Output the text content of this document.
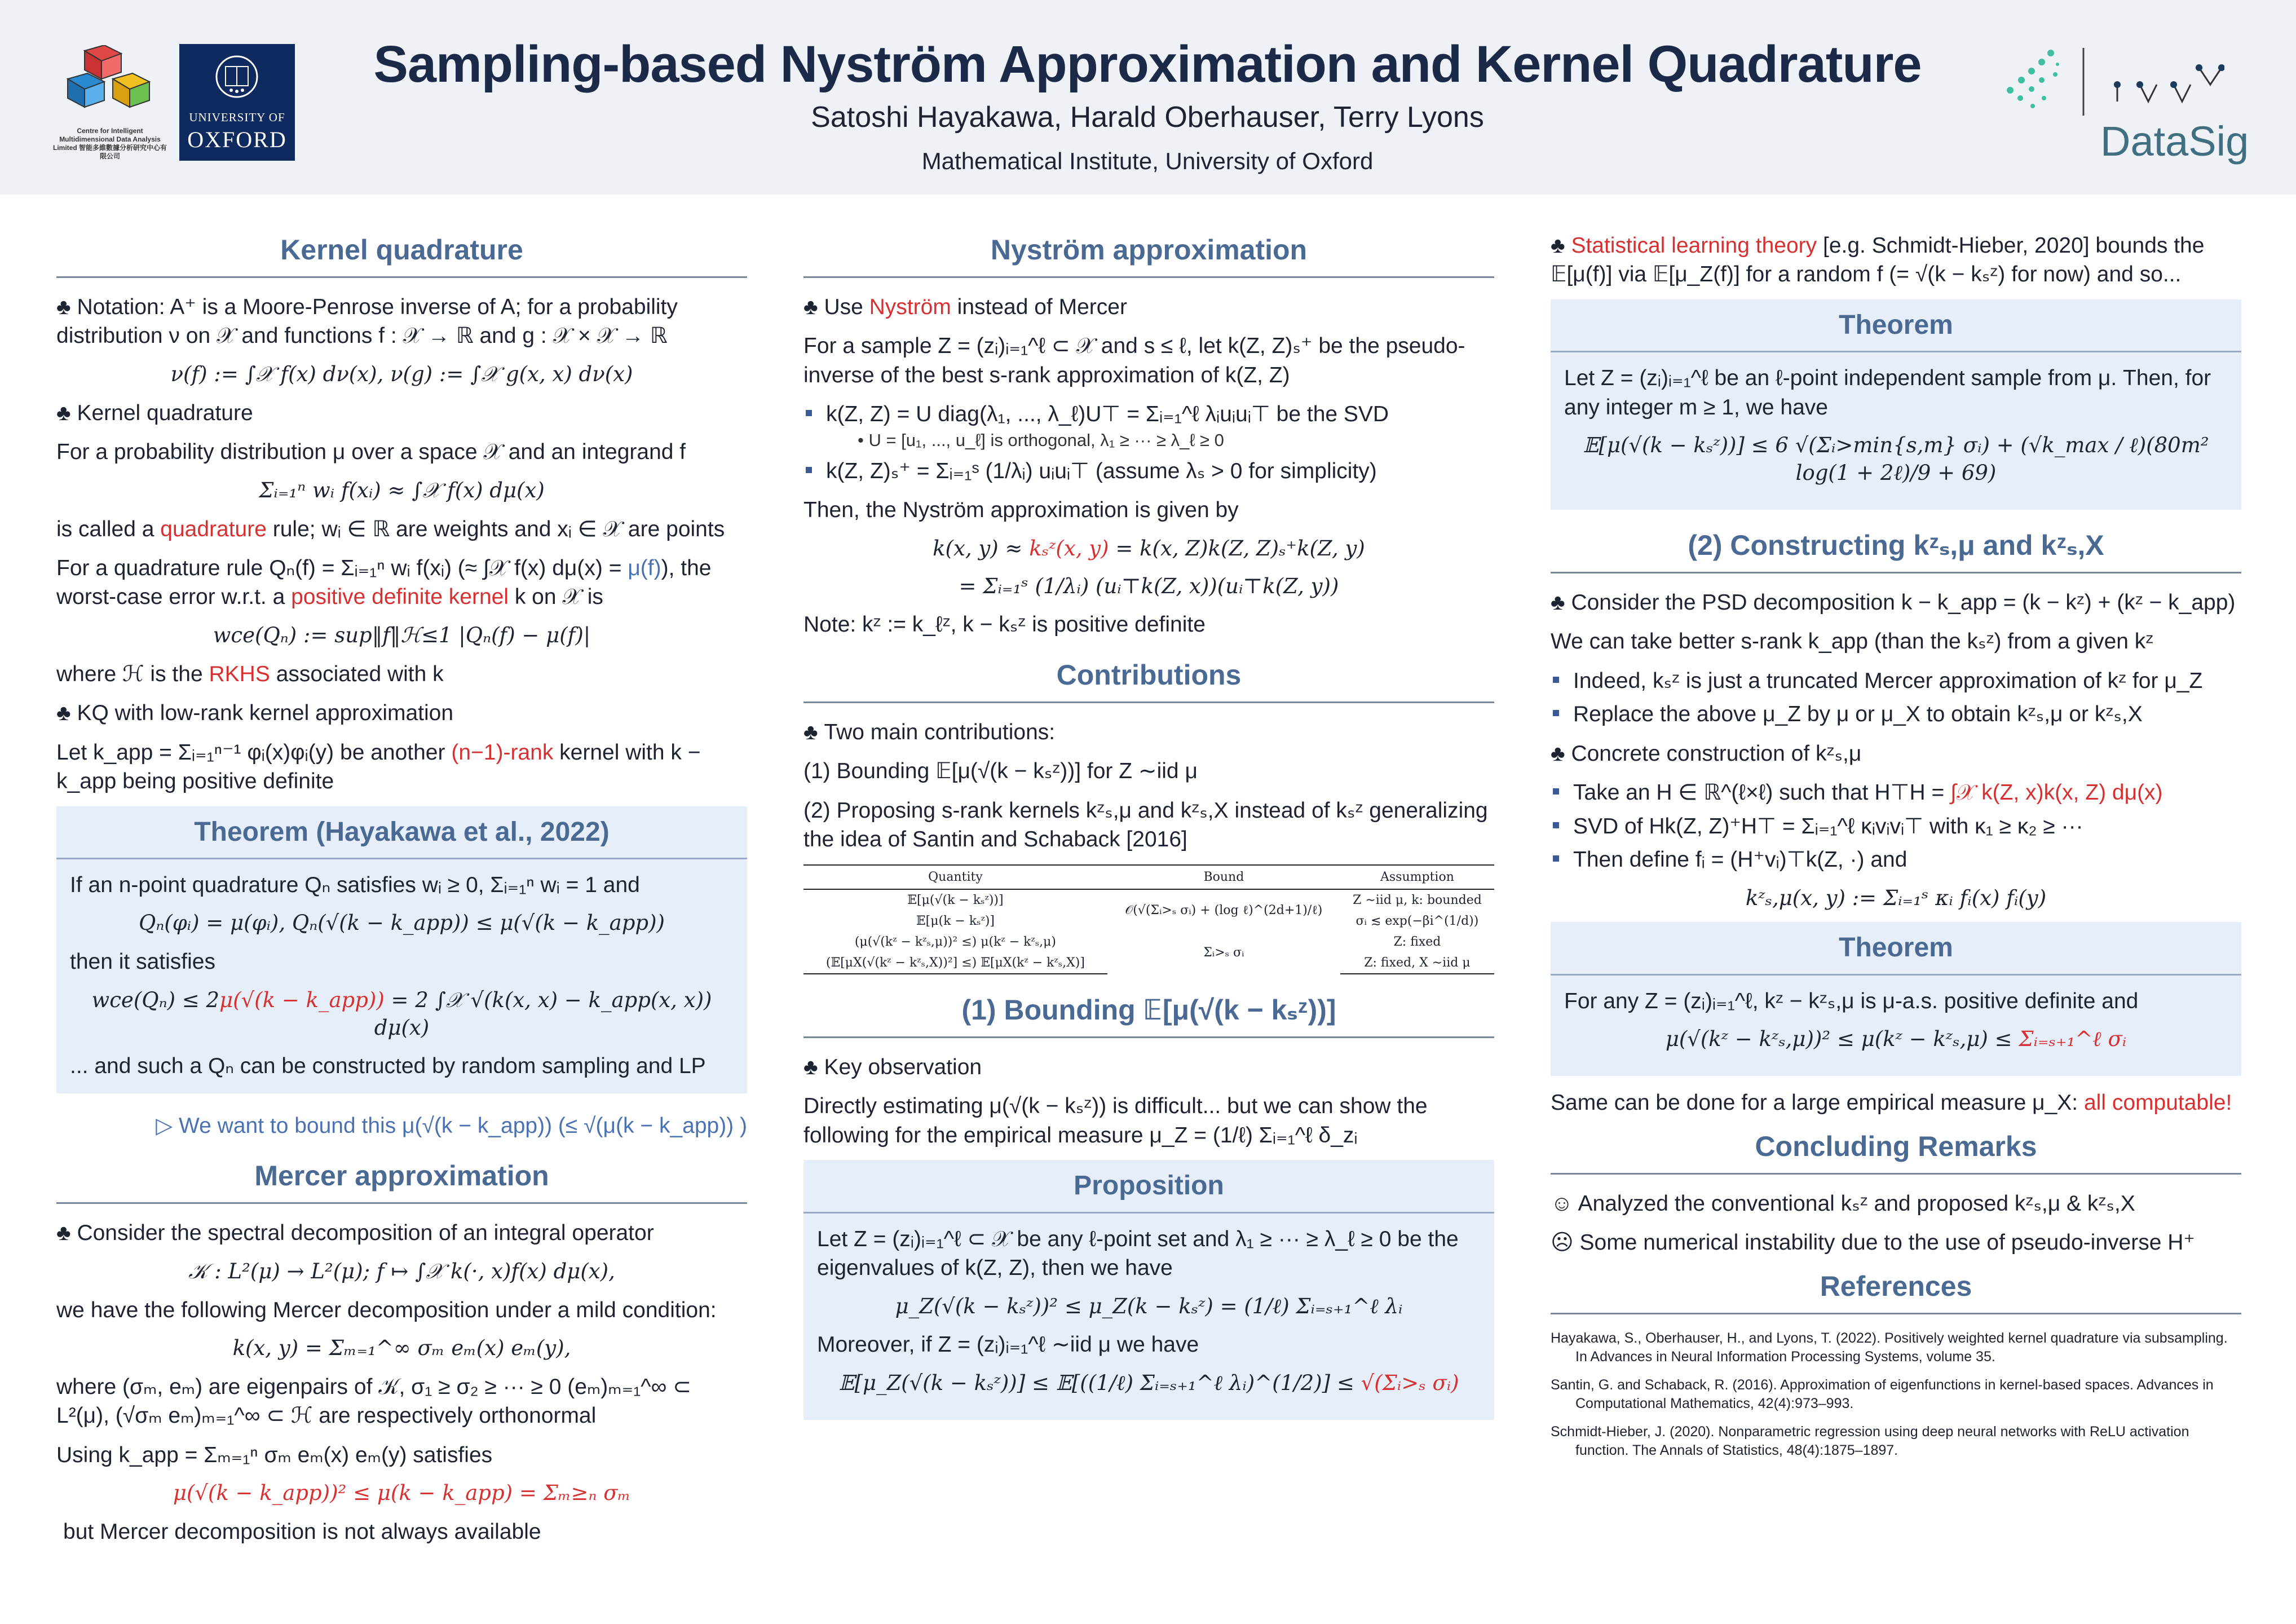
Centre for Intelligent Multidimensional Data Analysis Limited 智能多維數據分析研究中心有限公司
UNIVERSITY OF
OXFORD
Sampling-based Nyström Approximation and Kernel Quadrature
Satoshi Hayakawa, Harald Oberhauser, Terry Lyons
Mathematical Institute, University of Oxford	DataSig
Kernel quadrature
♣ Notation: A⁺ is a Moore-Penrose inverse of A; for a probability distribution ν on 𝒳 and functions f : 𝒳 → ℝ and g : 𝒳 × 𝒳 → ℝ
ν(f) := ∫𝒳 f(x) dν(x), ν(g) := ∫𝒳 g(x, x) dν(x)
♣ Kernel quadrature
For a probability distribution μ over a space 𝒳 and an integrand f
Σᵢ₌₁ⁿ wᵢ f(xᵢ) ≈ ∫𝒳 f(x) dμ(x)
is called a quadrature rule; wᵢ ∈ ℝ are weights and xᵢ ∈ 𝒳 are points
For a quadrature rule Qₙ(f) = Σᵢ₌₁ⁿ wᵢ f(xᵢ) (≈ ∫𝒳 f(x) dμ(x) = μ(f)), the worst-case error w.r.t. a positive definite kernel k on 𝒳 is
wce(Qₙ) := sup‖f‖ℋ≤1 |Qₙ(f) − μ(f)|
where ℋ is the RKHS associated with k
♣ KQ with low-rank kernel approximation
Let k_app = Σᵢ₌₁ⁿ⁻¹ φᵢ(x)φᵢ(y) be another (n−1)-rank kernel with k − k_app being positive definite
Theorem (Hayakawa et al., 2022)
If an n-point quadrature Qₙ satisfies wᵢ ≥ 0, Σᵢ₌₁ⁿ wᵢ = 1 and
Qₙ(φᵢ) = μ(φᵢ), Qₙ(√(k − k_app)) ≤ μ(√(k − k_app))
then it satisfies
wce(Qₙ) ≤ 2μ(√(k − k_app)) = 2 ∫𝒳 √(k(x, x) − k_app(x, x)) dμ(x)
... and such a Qₙ can be constructed by random sampling and LP
▷ We want to bound this μ(√(k − k_app)) (≤ √(μ(k − k_app)) )
Mercer approximation
♣ Consider the spectral decomposition of an integral operator
𝒦 : L²(μ) → L²(μ); f ↦ ∫𝒳 k(·, x)f(x) dμ(x),
we have the following Mercer decomposition under a mild condition:
k(x, y) = Σₘ₌₁^∞ σₘ eₘ(x) eₘ(y),
where (σₘ, eₘ) are eigenpairs of 𝒦, σ₁ ≥ σ₂ ≥ ··· ≥ 0 (eₘ)ₘ₌₁^∞ ⊂ L²(μ), (√σₘ eₘ)ₘ₌₁^∞ ⊂ ℋ are respectively orthonormal
Using k_app = Σₘ₌₁ⁿ σₘ eₘ(x) eₘ(y) satisfies
μ(√(k − k_app))² ≤ μ(k − k_app) = Σₘ≥ₙ σₘ
but Mercer decomposition is not always available
Nyström approximation
♣ Use Nyström instead of Mercer
For a sample Z = (zᵢ)ᵢ₌₁^ℓ ⊂ 𝒳 and s ≤ ℓ, let k(Z, Z)ₛ⁺ be the pseudo-inverse of the best s-rank approximation of k(Z, Z)
k(Z, Z) = U diag(λ₁, ..., λ_ℓ)U⊤ = Σᵢ₌₁^ℓ λᵢuᵢuᵢ⊤ be the SVD
• U = [u₁, ..., u_ℓ] is orthogonal, λ₁ ≥ ··· ≥ λ_ℓ ≥ 0
k(Z, Z)ₛ⁺ = Σᵢ₌₁ˢ (1/λᵢ) uᵢuᵢ⊤ (assume λₛ > 0 for simplicity)
Then, the Nyström approximation is given by
k(x, y) ≈ kₛᶻ(x, y) = k(x, Z)k(Z, Z)ₛ⁺k(Z, y)
= Σᵢ₌₁ˢ (1/λᵢ) (uᵢ⊤k(Z, x))(uᵢ⊤k(Z, y))
Note: kᶻ := k_ℓᶻ, k − kₛᶻ is positive definite
Contributions
♣ Two main contributions:
(1) Bounding 𝔼[μ(√(k − kₛᶻ))] for Z ∼iid μ
(2) Proposing s-rank kernels kᶻₛ,μ and kᶻₛ,X instead of kₛᶻ generalizing the idea of Santin and Schaback [2016]
Quantity	Bound	Assumption
𝔼[μ(√(k − kₛᶻ))]	𝒪(√(Σᵢ>ₛ σᵢ) + (log ℓ)^(2d+1)/ℓ)	Z ∼iid μ, k: bounded
𝔼[μ(k − kₛᶻ)]		σᵢ ≲ exp(−βi^(1/d))
(μ(√(kᶻ − kᶻₛ,μ))² ≤) μ(kᶻ − kᶻₛ,μ)	Σᵢ>ₛ σᵢ	Z: fixed
(𝔼[μX(√(kᶻ − kᶻₛ,X))²] ≤) 𝔼[μX(kᶻ − kᶻₛ,X)]		Z: fixed, X ∼iid μ
(1) Bounding 𝔼[μ(√(k − kₛᶻ))]
♣ Key observation
Directly estimating μ(√(k − kₛᶻ)) is difficult... but we can show the following for the empirical measure μ_Z = (1/ℓ) Σᵢ₌₁^ℓ δ_zᵢ
Proposition
Let Z = (zᵢ)ᵢ₌₁^ℓ ⊂ 𝒳 be any ℓ-point set and λ₁ ≥ ··· ≥ λ_ℓ ≥ 0 be the eigenvalues of k(Z, Z), then we have
μ_Z(√(k − kₛᶻ))² ≤ μ_Z(k − kₛᶻ) = (1/ℓ) Σᵢ₌ₛ₊₁^ℓ λᵢ
Moreover, if Z = (zᵢ)ᵢ₌₁^ℓ ∼iid μ we have
𝔼[μ_Z(√(k − kₛᶻ))] ≤ 𝔼[((1/ℓ) Σᵢ₌ₛ₊₁^ℓ λᵢ)^(1/2)] ≤ √(Σᵢ>ₛ σᵢ)
♣ Statistical learning theory [e.g. Schmidt-Hieber, 2020] bounds the 𝔼[μ(f)] via 𝔼[μ_Z(f)] for a random f (= √(k − kₛᶻ) for now) and so...
Theorem
Let Z = (zᵢ)ᵢ₌₁^ℓ be an ℓ-point independent sample from μ. Then, for any integer m ≥ 1, we have
𝔼[μ(√(k − kₛᶻ))] ≤ 6 √(Σᵢ>min{s,m} σᵢ) + (√k_max / ℓ)(80m² log(1 + 2ℓ)/9 + 69)
(2) Constructing kᶻₛ,μ and kᶻₛ,X
♣ Consider the PSD decomposition k − k_app = (k − kᶻ) + (kᶻ − k_app)
We can take better s-rank k_app (than the kₛᶻ) from a given kᶻ
Indeed, kₛᶻ is just a truncated Mercer approximation of kᶻ for μ_Z
Replace the above μ_Z by μ or μ_X to obtain kᶻₛ,μ or kᶻₛ,X
♣ Concrete construction of kᶻₛ,μ
Take an H ∈ ℝ^(ℓ×ℓ) such that H⊤H = ∫𝒳 k(Z, x)k(x, Z) dμ(x)
SVD of Hk(Z, Z)⁺H⊤ = Σᵢ₌₁^ℓ κᵢvᵢvᵢ⊤ with κ₁ ≥ κ₂ ≥ ···
Then define fᵢ = (H⁺vᵢ)⊤k(Z, ·) and
kᶻₛ,μ(x, y) := Σᵢ₌₁ˢ κᵢ fᵢ(x) fᵢ(y)
Theorem
For any Z = (zᵢ)ᵢ₌₁^ℓ, kᶻ − kᶻₛ,μ is μ-a.s. positive definite and
μ(√(kᶻ − kᶻₛ,μ))² ≤ μ(kᶻ − kᶻₛ,μ) ≤ Σᵢ₌ₛ₊₁^ℓ σᵢ
Same can be done for a large empirical measure μ_X: all computable!
Concluding Remarks
☺ Analyzed the conventional kₛᶻ and proposed kᶻₛ,μ & kᶻₛ,X
☹ Some numerical instability due to the use of pseudo-inverse H⁺
References

Hayakawa, S., Oberhauser, H., and Lyons, T. (2022). Positively weighted kernel quadrature via subsampling. In Advances in Neural Information Processing Systems, volume 35.

Santin, G. and Schaback, R. (2016). Approximation of eigenfunctions in kernel-based spaces. Advances in Computational Mathematics, 42(4):973–993.

Schmidt-Hieber, J. (2020). Nonparametric regression using deep neural networks with ReLU activation function. The Annals of Statistics, 48(4):1875–1897.
